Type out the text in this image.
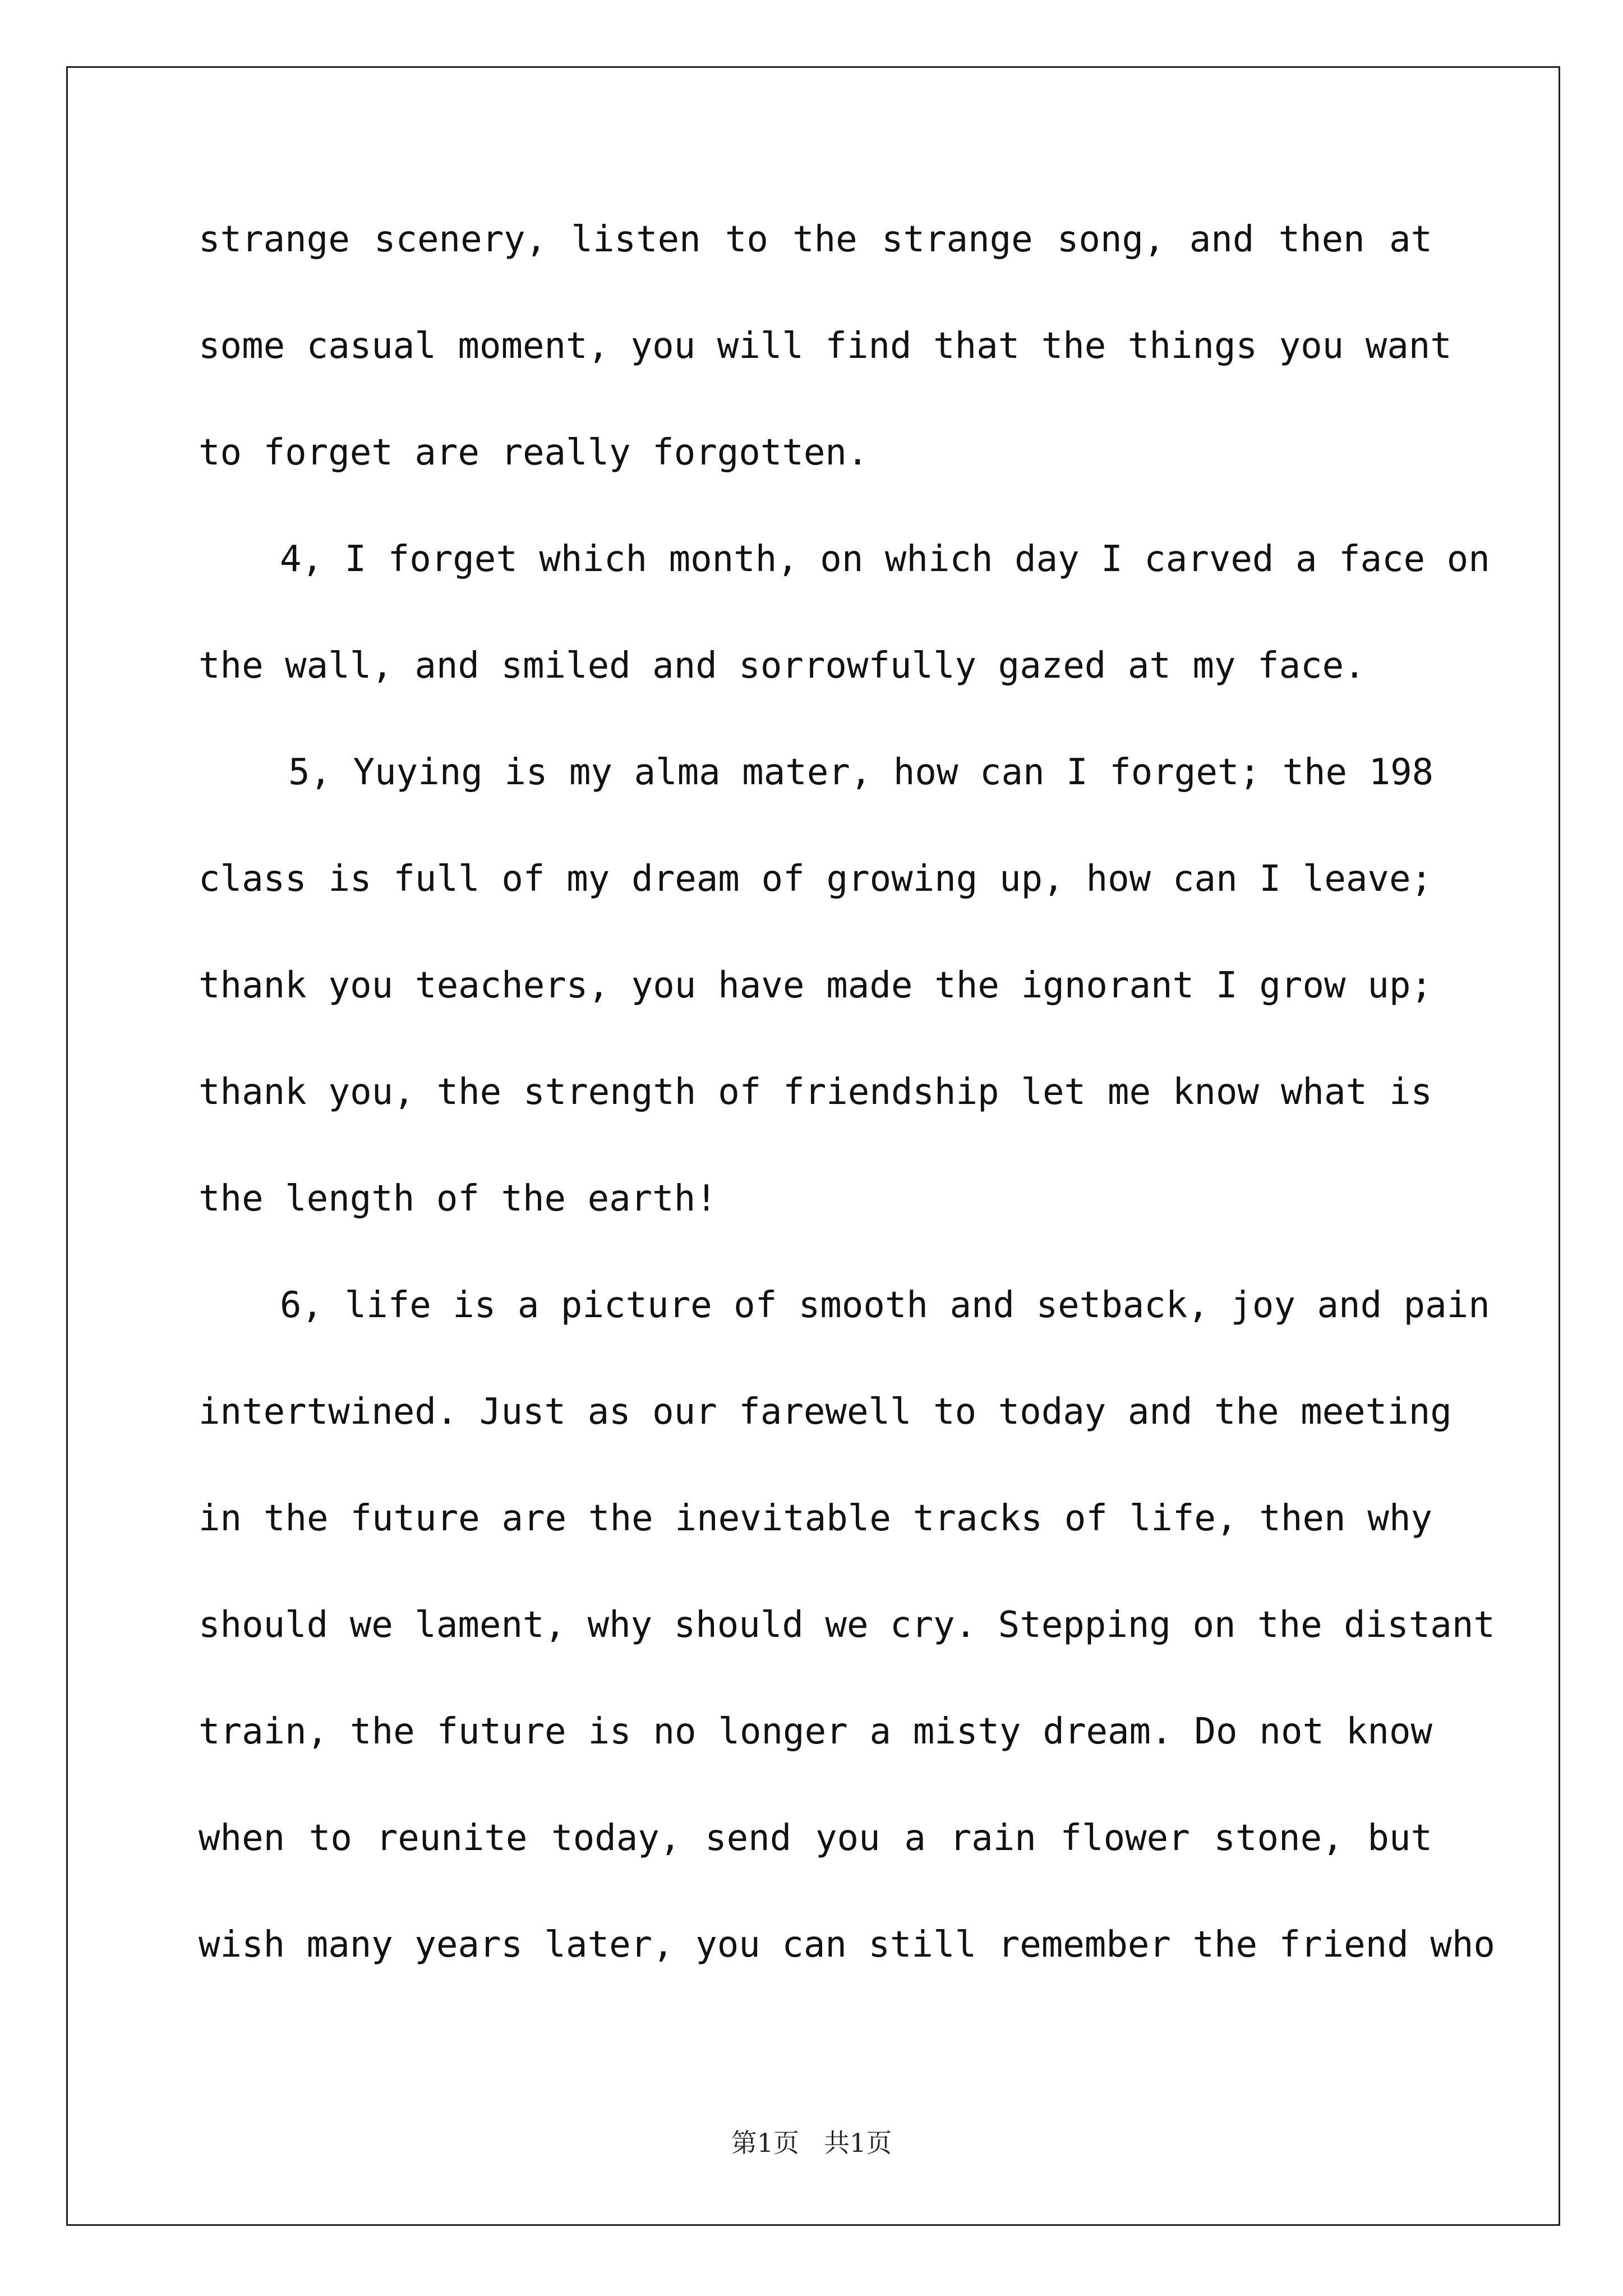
strange scenery, listen to the strange song, and then at
some casual moment, you will find that the things you want
to forget are really forgotten.
4, I forget which month, on which day I carved a face on
the wall, and smiled and sorrowfully gazed at my face.
5, Yuying is my alma mater, how can I forget; the 198
class is full of my dream of growing up, how can I leave;
thank you teachers, you have made the ignorant I grow up;
thank you, the strength of friendship let me know what is
the length of the earth!
6, life is a picture of smooth and setback, joy and pain
intertwined. Just as our farewell to today and the meeting
in the future are the inevitable tracks of life, then why
should we lament, why should we cry. Stepping on the distant
train, the future is no longer a misty dream. Do not know
when to reunite today, send you a rain flower stone, but
wish many years later, you can still remember the friend who
第1页 共1页
